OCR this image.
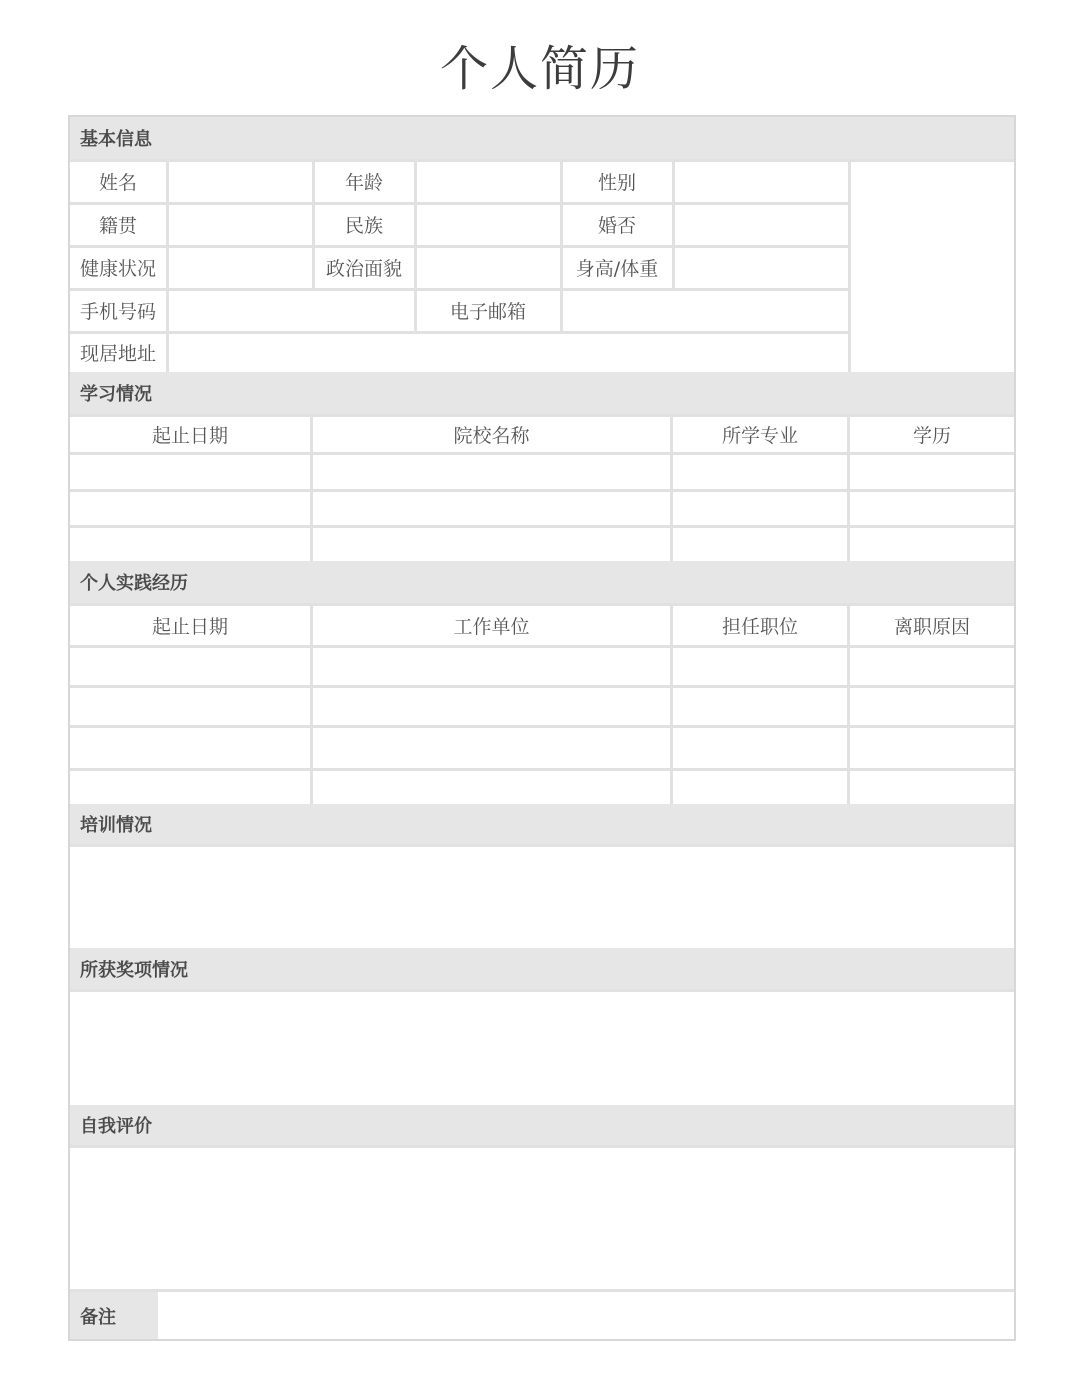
个人简历
基本信息
姓名	年龄	性别
籍贯	民族	婚否
健康状况	政治面貌	身高/体重
手机号码	电子邮箱
现居地址
学习情况
起止日期	院校名称	所学专业	学历
个人实践经历
起止日期	工作单位	担任职位	离职原因
培训情况
所获奖项情况
自我评价
备注
